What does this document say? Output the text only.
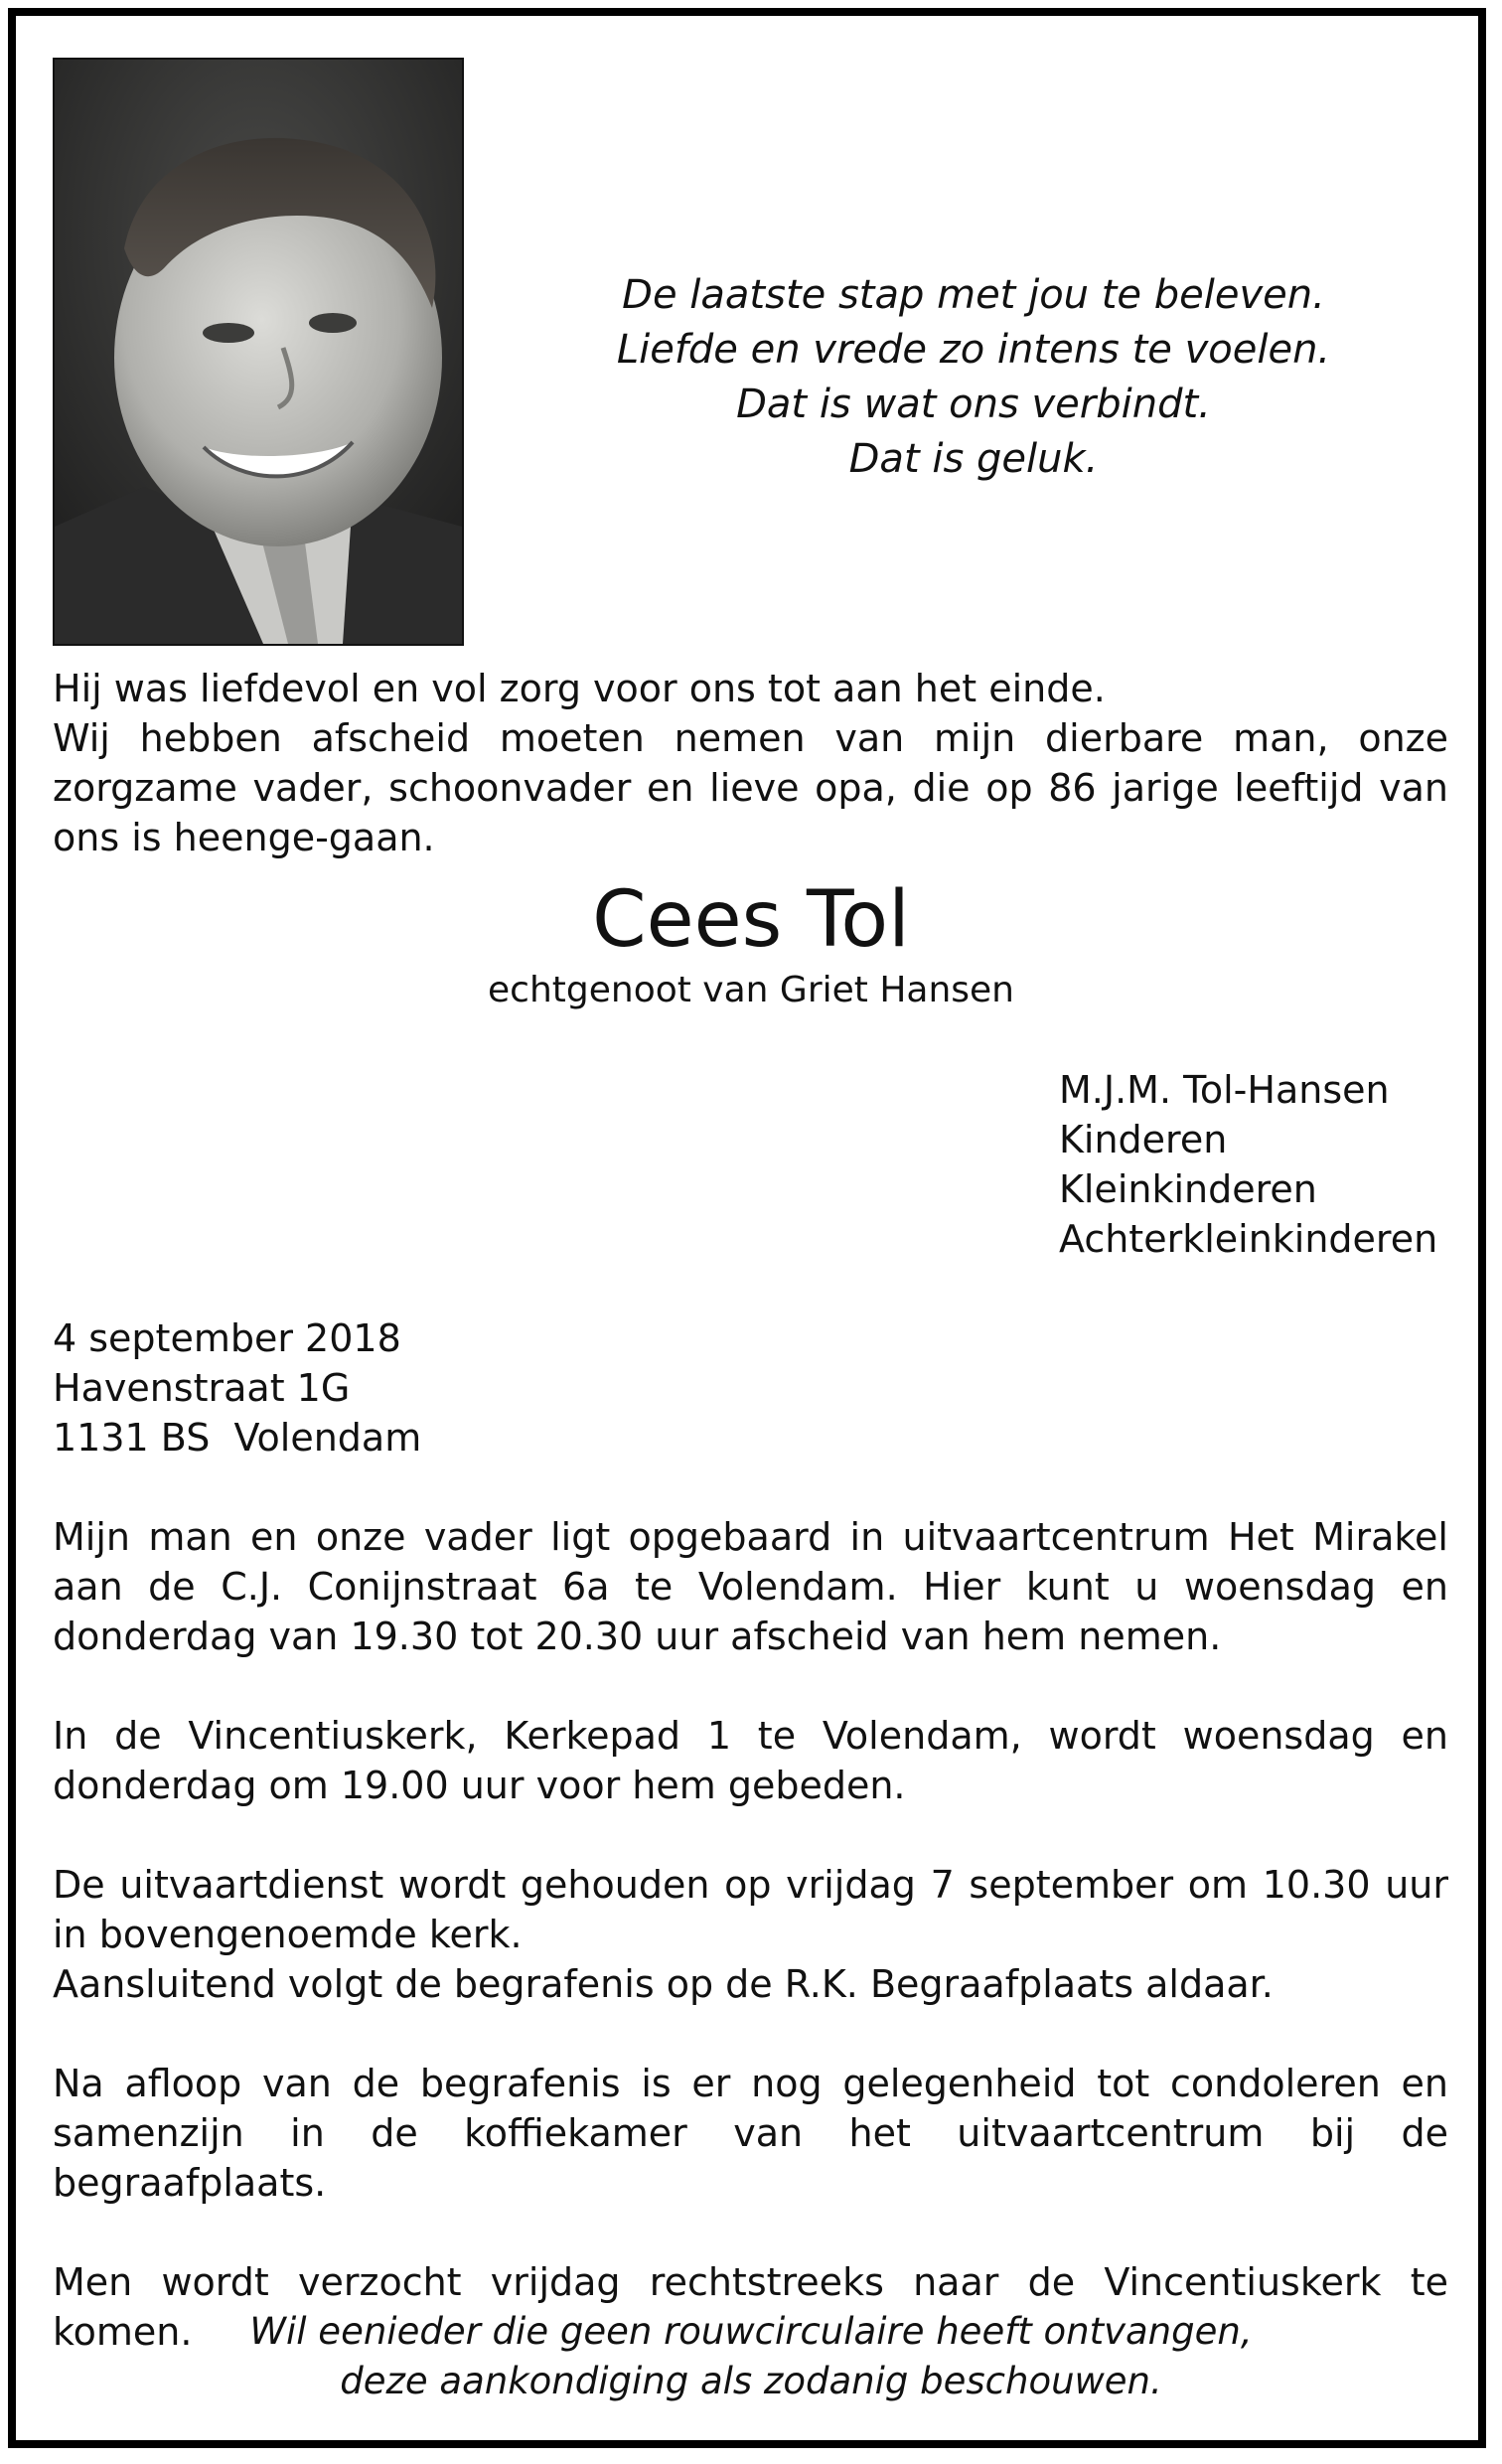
De laatste stap met jou te beleven.
Liefde en vrede zo intens te voelen.
Dat is wat ons verbindt.
Dat is geluk.
Hij was liefdevol en vol zorg voor ons tot aan het einde.
Wij hebben afscheid moeten nemen van mijn dierbare man, onze zorgzame vader, schoonvader en lieve opa, die op 86 jarige leeftijd van ons is heenge-gaan.
Cees Tol
echtgenoot van Griet Hansen
M.J.M. Tol-Hansen
Kinderen
Kleinkinderen
Achterkleinkinderen
4 september 2018
Havenstraat 1G
1131 BS  Volendam

Mijn man en onze vader ligt opgebaard in uitvaartcentrum Het Mirakel aan de C.J. Conijnstraat 6a te Volendam. Hier kunt u woensdag en donderdag van 19.30 tot 20.30 uur afscheid van hem nemen.

In de Vincentiuskerk, Kerkepad 1 te Volendam, wordt woensdag en donderdag om 19.00 uur voor hem gebeden.

De uitvaartdienst wordt gehouden op vrijdag 7 september om 10.30 uur in bovengenoemde kerk.
Aansluitend volgt de begrafenis op de R.K. Begraafplaats aldaar.

Na afloop van de begrafenis is er nog gelegenheid tot condoleren en samenzijn in de koffiekamer van het uitvaartcentrum bij de begraafplaats.

Men wordt verzocht vrijdag rechtstreeks naar de Vincentiuskerk te komen.	Wil eenieder die geen rouwcirculaire heeft ontvangen,
deze aankondiging als zodanig beschouwen.
